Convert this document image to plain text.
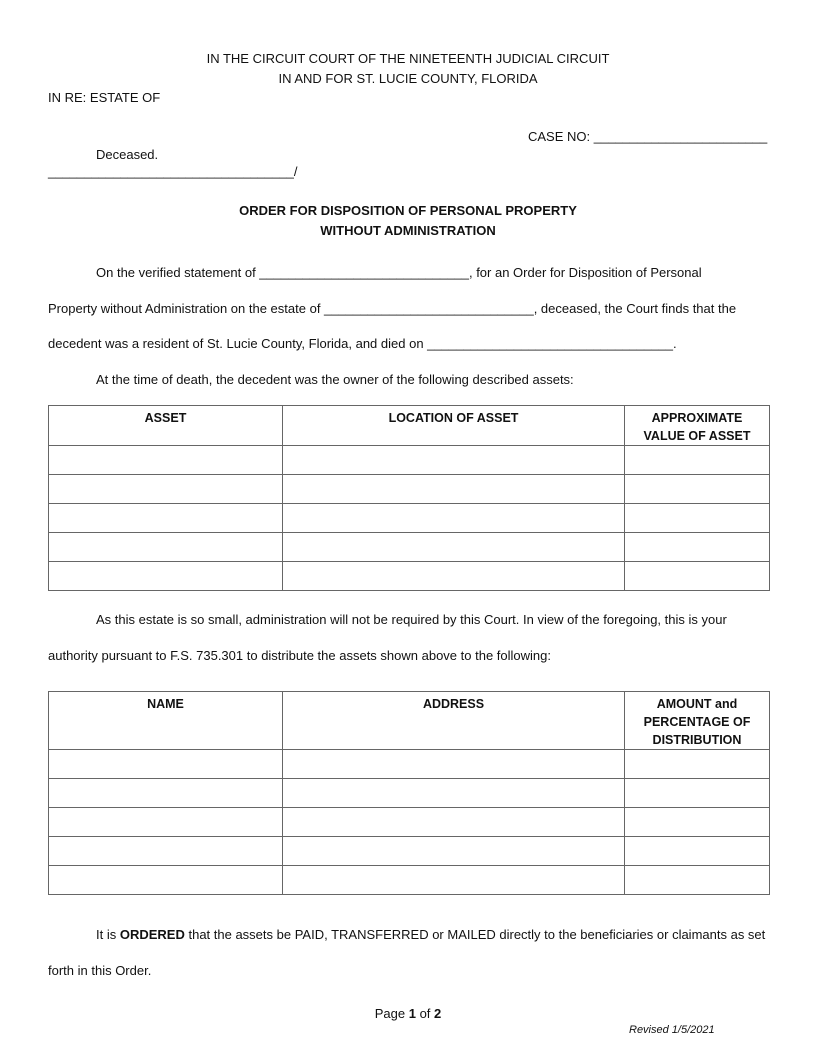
IN THE CIRCUIT COURT OF THE NINETEENTH JUDICIAL CIRCUIT
IN AND FOR ST. LUCIE COUNTY, FLORIDA
IN RE: ESTATE OF
CASE NO: ________________________
Deceased.
__________________________________/
ORDER FOR DISPOSITION OF PERSONAL PROPERTY
WITHOUT ADMINISTRATION
On the verified statement of _____________________________, for an Order for Disposition of Personal
Property without Administration on the estate of _____________________________, deceased, the Court finds that the
decedent was a resident of St. Lucie County, Florida, and died on __________________________________.
At the time of death, the decedent was the owner of the following described assets:
ASSET	LOCATION OF ASSET	APPROXIMATE
VALUE OF ASSET

As this estate is so small, administration will not be required by this Court. In view of the foregoing, this is your
authority pursuant to F.S. 735.301 to distribute the assets shown above to the following:
NAME	ADDRESS	AMOUNT and
PERCENTAGE OF
DISTRIBUTION

It is ORDERED that the assets be PAID, TRANSFERRED or MAILED directly to the beneficiaries or claimants as set
forth in this Order.
Page 1 of 2
Revised 1/5/2021
